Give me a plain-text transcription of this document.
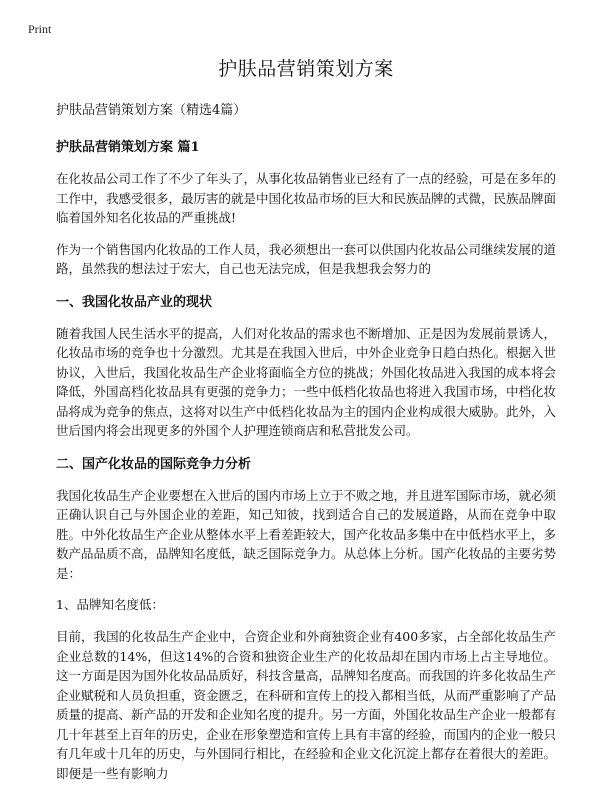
Print
护肤品营销策划方案
护肤品营销策划方案（精选4篇）
护肤品营销策划方案 篇1

在化妆品公司工作了不少了年头了，从事化妆品销售业已经有了一点的经验，可是在多年的工作中，我感受很多，最厉害的就是中国化妆品市场的巨大和民族品牌的式微，民族品牌面临着国外知名化妆品的严重挑战!

作为一个销售国内化妆品的工作人员，我必须想出一套可以供国内化妆品公司继续发展的道路，虽然我的想法过于宏大，自己也无法完成，但是我想我会努力的

一、我国化妆品产业的现状

随着我国人民生活水平的提高，人们对化妆品的需求也不断增加、正是因为发展前景诱人，化妆品市场的竞争也十分激烈。尤其是在我国入世后，中外企业竞争日趋白热化。根据入世协议，入世后，我国化妆品生产企业将面临全方位的挑战；外国化妆品进入我国的成本将会降低，外国高档化妆品具有更强的竞争力；一些中低档化妆品也将进入我国市场，中档化妆品将成为竞争的焦点，这将对以生产中低档化妆品为主的国内企业构成很大威胁。此外，入世后国内将会出现更多的外国个人护理连锁商店和私营批发公司。

二、国产化妆品的国际竞争力分析

我国化妆品生产企业要想在入世后的国内市场上立于不败之地，并且进军国际市场，就必须正确认识自己与外国企业的差距，知己知彼，找到适合自己的发展道路，从而在竞争中取胜。中外化妆品生产企业从整体水平上看差距较大，国产化妆品多集中在中低档水平上，多数产品品质不高，品牌知名度低，缺乏国际竞争力。从总体上分析。国产化妆品的主要劣势是：

1、品牌知名度低：

目前，我国的化妆品生产企业中，合资企业和外商独资企业有400多家，占全部化妆品生产企业总数的14%，但这14%的合资和独资企业生产的化妆品却在国内市场上占主导地位。这一方面是因为国外化妆品品质好，科技含量高，品牌知名度高。而我国的许多化妆品生产企业赋税和人员负担重，资金匮乏，在科研和宣传上的投入都相当低，从而严重影响了产品质量的提高、新产品的开发和企业知名度的提升。另一方面，外国化妆品生产企业一般都有几十年甚至上百年的历史，企业在形象塑造和宣传上具有丰富的经验，而国内的企业一般只有几年或十几年的历史，与外国同行相比，在经验和企业文化沉淀上都存在着很大的差距。即便是一些有影响力
